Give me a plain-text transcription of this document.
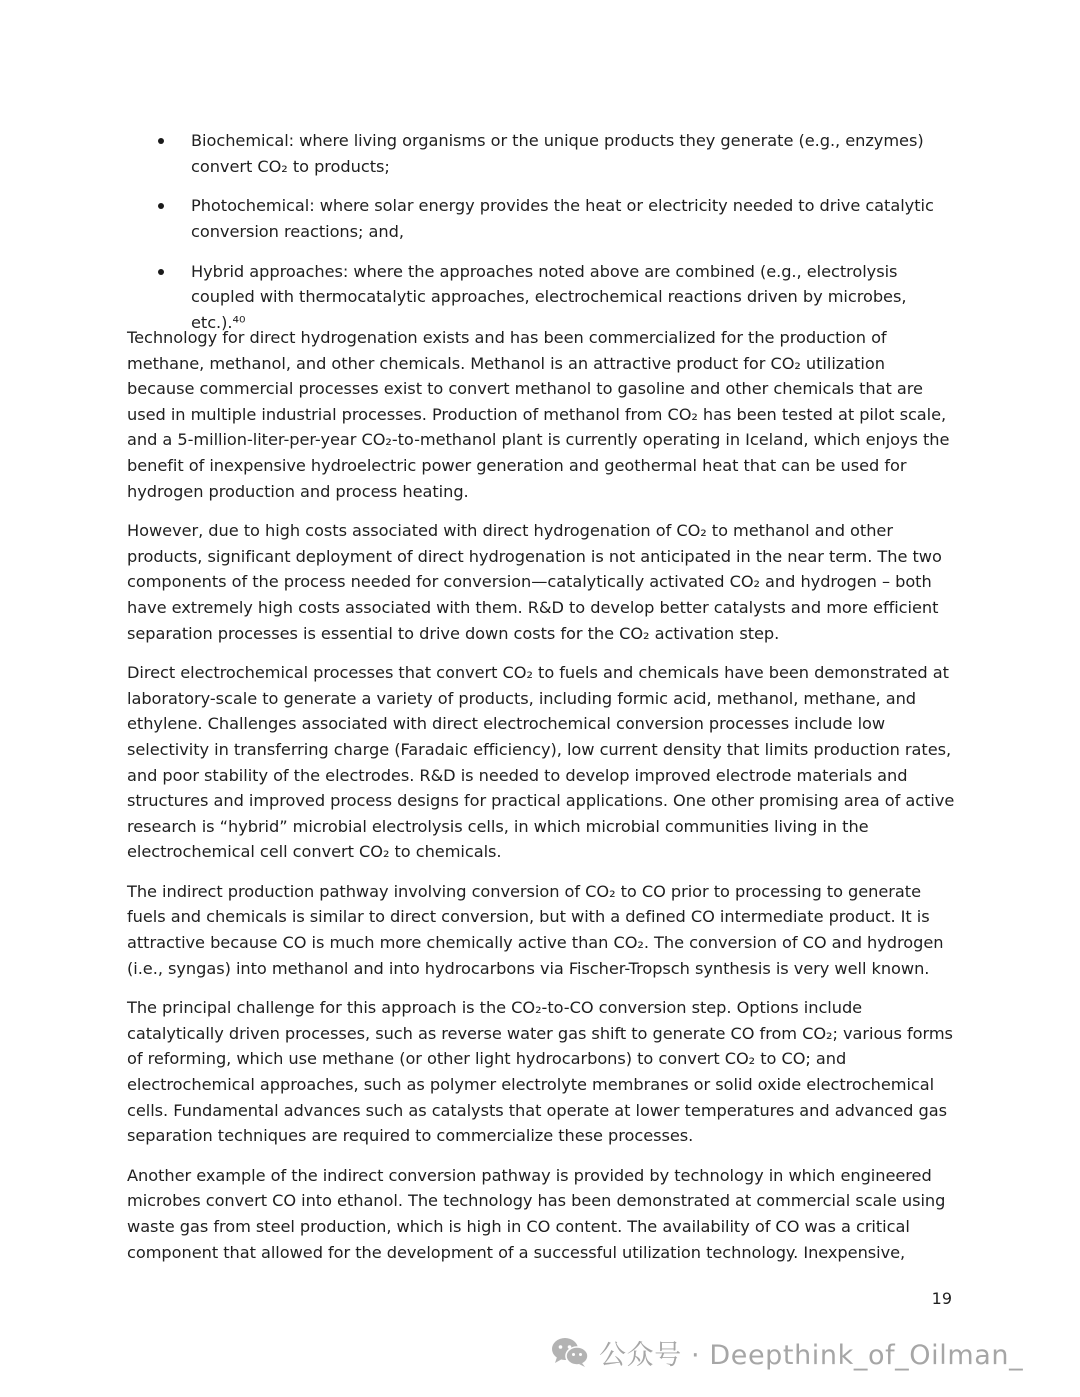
Biochemical: where living organisms or the unique products they generate (e.g., enzymes) convert CO₂ to products;
Photochemical: where solar energy provides the heat or electricity needed to drive catalytic conversion reactions; and,
Hybrid approaches: where the approaches noted above are combined (e.g., electrolysis coupled with thermocatalytic approaches, electrochemical reactions driven by microbes, etc.).⁴⁰

Technology for direct hydrogenation exists and has been commercialized for the production of methane, methanol, and other chemicals. Methanol is an attractive product for CO₂ utilization because commercial processes exist to convert methanol to gasoline and other chemicals that are used in multiple industrial processes. Production of methanol from CO₂ has been tested at pilot scale, and a 5-million-liter-per-year CO₂-to-methanol plant is currently operating in Iceland, which enjoys the benefit of inexpensive hydroelectric power generation and geothermal heat that can be used for hydrogen production and process heating.

However, due to high costs associated with direct hydrogenation of CO₂ to methanol and other products, significant deployment of direct hydrogenation is not anticipated in the near term. The two components of the process needed for conversion—catalytically activated CO₂ and hydrogen – both have extremely high costs associated with them. R&D to develop better catalysts and more efficient separation processes is essential to drive down costs for the CO₂ activation step.

Direct electrochemical processes that convert CO₂ to fuels and chemicals have been demonstrated at laboratory-scale to generate a variety of products, including formic acid, methanol, methane, and ethylene. Challenges associated with direct electrochemical conversion processes include low selectivity in transferring charge (Faradaic efficiency), low current density that limits production rates, and poor stability of the electrodes. R&D is needed to develop improved electrode materials and structures and improved process designs for practical applications. One other promising area of active research is “hybrid” microbial electrolysis cells, in which microbial communities living in the electrochemical cell convert CO₂ to chemicals.

The indirect production pathway involving conversion of CO₂ to CO prior to processing to generate fuels and chemicals is similar to direct conversion, but with a defined CO intermediate product. It is attractive because CO is much more chemically active than CO₂. The conversion of CO and hydrogen (i.e., syngas) into methanol and into hydrocarbons via Fischer-Tropsch synthesis is very well known.

The principal challenge for this approach is the CO₂-to-CO conversion step. Options include catalytically driven processes, such as reverse water gas shift to generate CO from CO₂; various forms of reforming, which use methane (or other light hydrocarbons) to convert CO₂ to CO; and electrochemical approaches, such as polymer electrolyte membranes or solid oxide electrochemical cells. Fundamental advances such as catalysts that operate at lower temperatures and advanced gas separation techniques are required to commercialize these processes.

Another example of the indirect conversion pathway is provided by technology in which engineered microbes convert CO into ethanol. The technology has been demonstrated at commercial scale using waste gas from steel production, which is high in CO content. The availability of CO was a critical component that allowed for the development of a successful utilization technology. Inexpensive,

19
公众号 · Deepthink_of_Oilman_
